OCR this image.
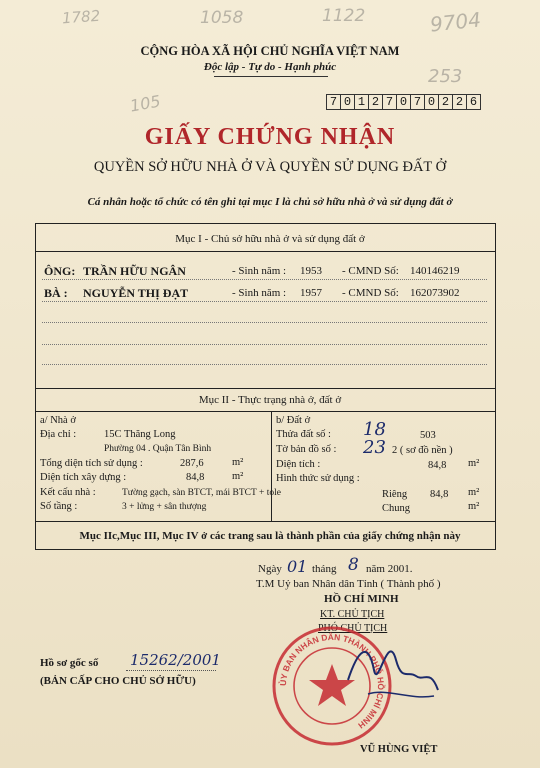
1782	1058	1122	9704
253
105
CỘNG HÒA XÃ HỘI CHỦ NGHĨA VIỆT NAM
Độc lập - Tự do - Hạnh phúc
7 0 1 2 7 0 7 0 2 2 6
GIẤY CHỨNG NHẬN
QUYỀN SỞ HỮU NHÀ Ở VÀ QUYỀN SỬ DỤNG ĐẤT Ở
Cá nhân hoặc tổ chức có tên ghi tại mục I là chủ sở hữu nhà ở và sử dụng đất ở
Mục I - Chủ sở hữu nhà ở và sử dụng đất ở
ÔNG: TRẦN HỮU NGÂN	- Sinh năm : 1953 - CMND Số: 140146219
BÀ : NGUYỄN THỊ ĐẠT	- Sinh năm : 1957 - CMND Số: 162073902
Mục II - Thực trạng nhà ở, đất ở
a/ Nhà ở
Địa chỉ :	15C Thăng Long
Phường 04 . Quận Tân Bình
Tổng diện tích sử dụng :	287,6	m²
Diện tích xây dựng :	84,8	m²
Kết cấu nhà :	Tường gạch, sàn BTCT, mái BTCT + tole
Số tầng :	3 + lửng + sân thượng
b/ Đất ở
Thửa đất số : 18	503
Tờ bản đồ số : 23 2 ( sơ đồ nền )
Diện tích :	84,8 m²
Hình thức sử dụng :
Riêng 84,8 m²
Chung	m²
Mục IIc,Mục III, Mục IV ở các trang sau là thành phần của giấy chứng nhận này
Ngày 01 tháng 8 năm 2001.
T.M Uỷ ban Nhân dân Tỉnh ( Thành phố )
HỒ CHÍ MINH
KT. CHỦ TỊCH
PHÓ CHỦ TỊCH
ỦY BAN NHÂN DÂN THÀNH PHỐ HỒ CHÍ MINH
VŨ HÙNG VIỆT
Hồ sơ gốc số 15262/2001
(BẢN CẤP CHO CHỦ SỞ HỮU)
